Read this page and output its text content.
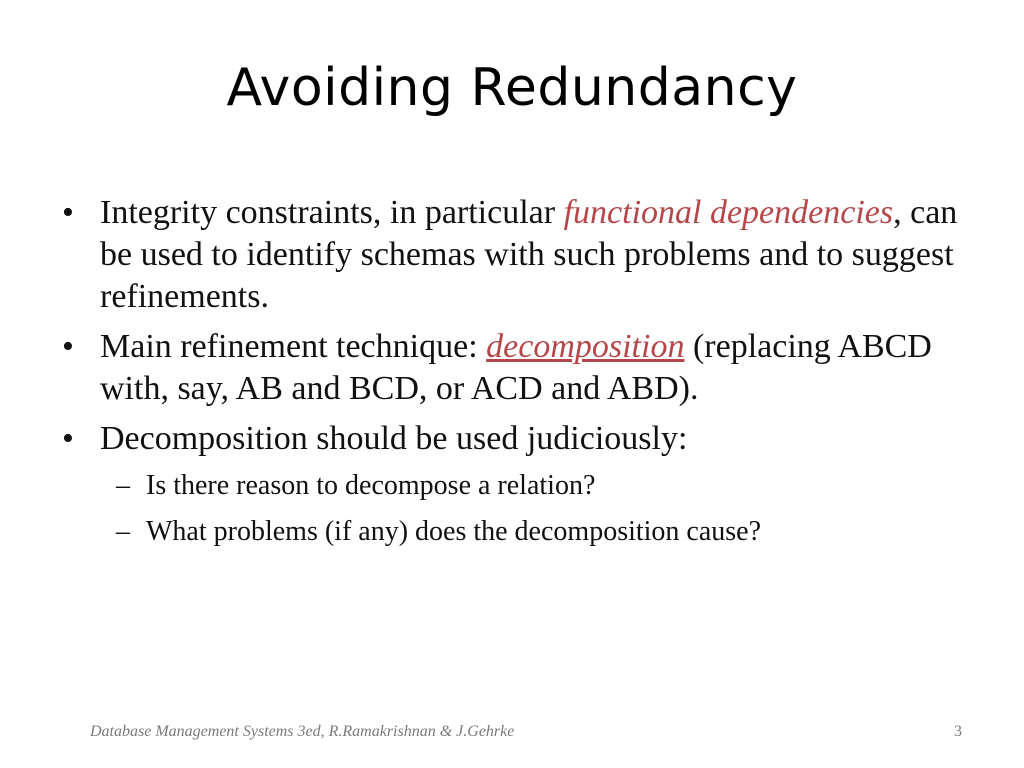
Avoiding Redundancy
• Integrity constraints, in particular functional dependencies, can be used to identify schemas with such problems and to suggest refinements.
• Main refinement technique: decomposition (replacing ABCD with, say, AB and BCD, or ACD and ABD).
• Decomposition should be used judiciously:
– Is there reason to decompose a relation?
– What problems (if any) does the decomposition cause?
Database Management Systems 3ed, R.Ramakrishnan & J.Gehrke	3
